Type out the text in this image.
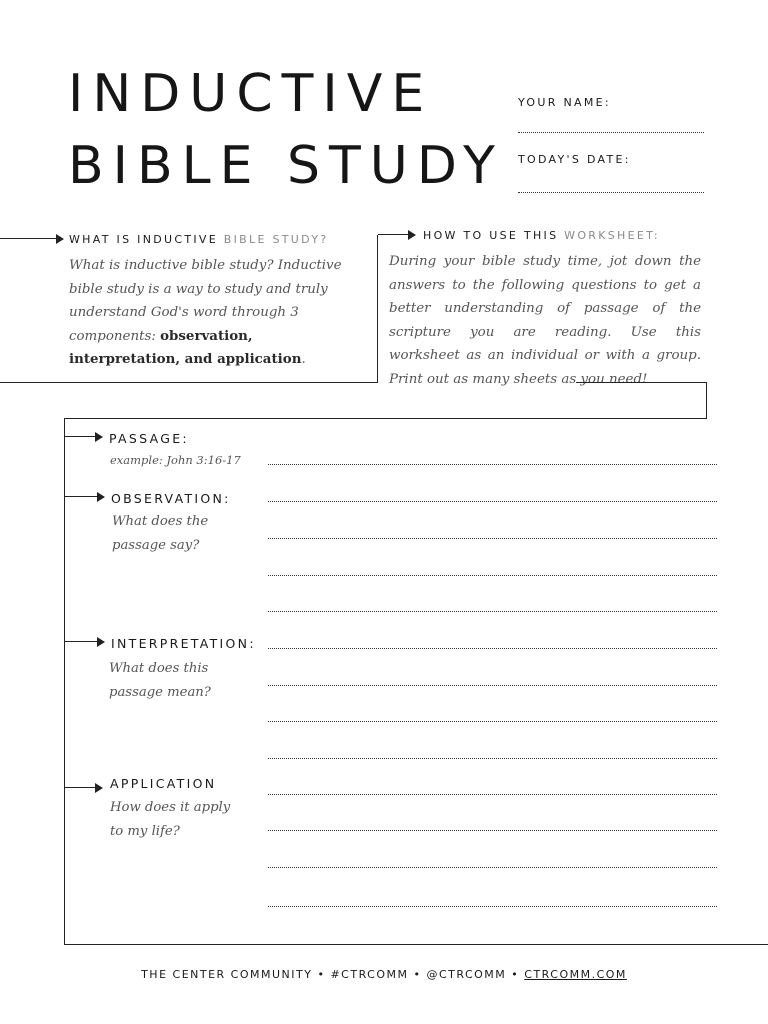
INDUCTIVE
BIBLE STUDY
YOUR NAME:
TODAY'S DATE:
WHAT IS INDUCTIVE BIBLE STUDY?
What is inductive bible study? Inductive bible study is a way to study and truly understand God's word through 3 components: observation, interpretation, and application.
HOW TO USE THIS WORKSHEET:
During your bible study time, jot down the answers to the following questions to get a better understanding of passage of the scripture you are reading. Use this worksheet as an individual or with a group. Print out as many sheets as you need!
PASSAGE:
example: John 3:16-17
OBSERVATION:
What does the passage say?
INTERPRETATION:
What does this passage mean?
APPLICATION
How does it apply to my life?
THE CENTER COMMUNITY • #CTRCOMM • @CTRCOMM • CTRCOMM.COM
